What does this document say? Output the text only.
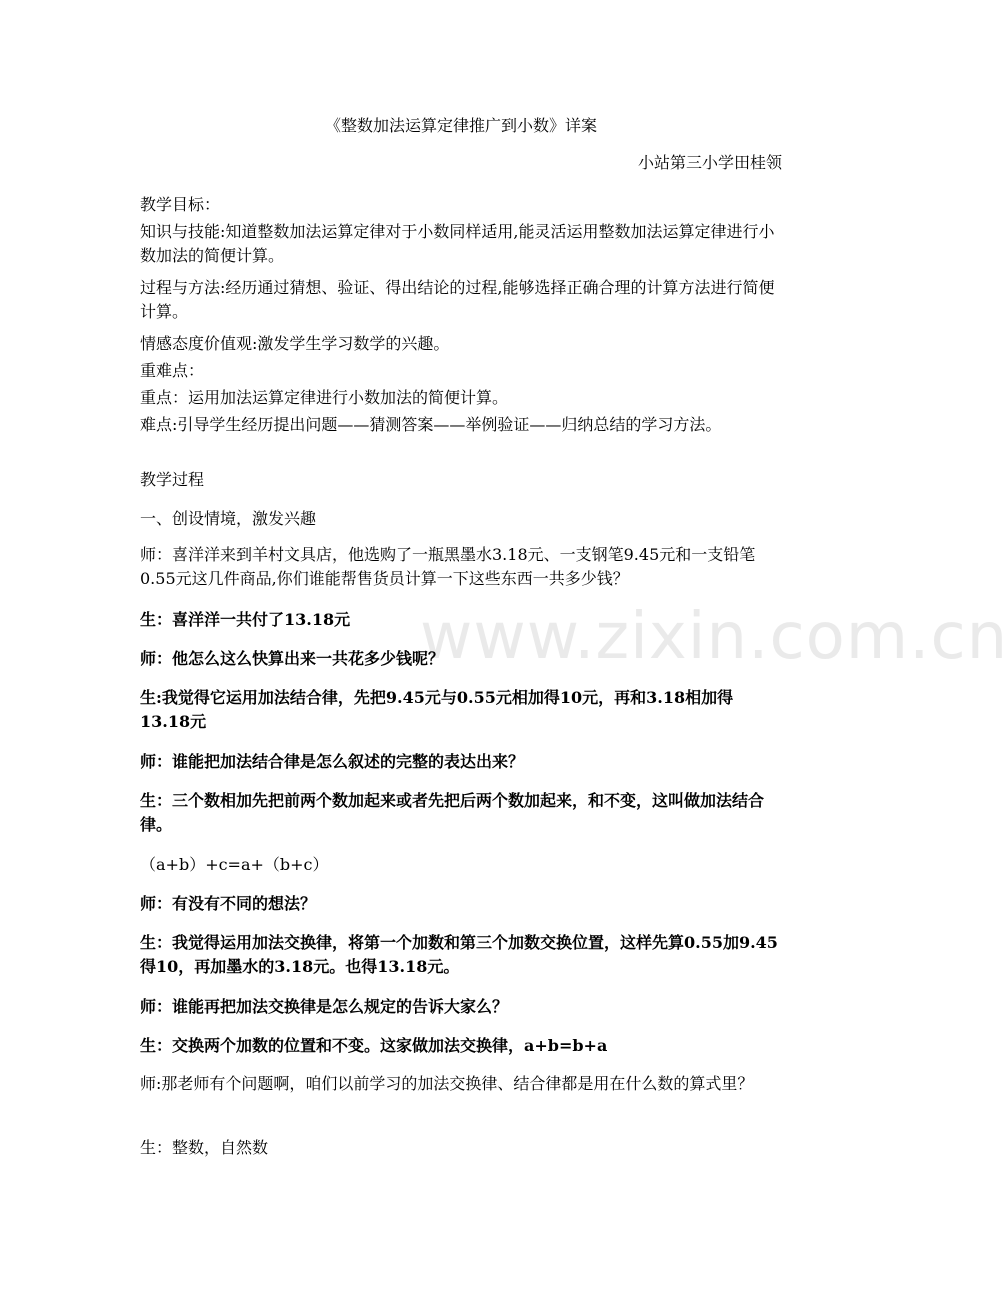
www.zixin.com.cn
《整数加法运算定律推广到小数》详案
小站第三小学田桂领
教学目标：
知识与技能:知道整数加法运算定律对于小数同样适用,能灵活运用整数加法运算定律进行小数加法的简便计算。
过程与方法:经历通过猜想、验证、得出结论的过程,能够选择正确合理的计算方法进行简便计算。
情感态度价值观:激发学生学习数学的兴趣。
重难点：
重点：运用加法运算定律进行小数加法的简便计算。
难点:引导学生经历提出问题——猜测答案——举例验证——归纳总结的学习方法。
教学过程
一、创设情境，激发兴趣
师：喜洋洋来到羊村文具店，他选购了一瓶黑墨水3.18元、一支钢笔9.45元和一支铅笔0.55元这几件商品,你们谁能帮售货员计算一下这些东西一共多少钱？
生：喜洋洋一共付了13.18元
师：他怎么这么快算出来一共花多少钱呢？
生:我觉得它运用加法结合律，先把9.45元与0.55元相加得10元，再和3.18相加得13.18元
师：谁能把加法结合律是怎么叙述的完整的表达出来？
生：三个数相加先把前两个数加起来或者先把后两个数加起来，和不变，这叫做加法结合律。
（a+b）+c=a+（b+c）
师：有没有不同的想法？
生：我觉得运用加法交换律，将第一个加数和第三个加数交换位置，这样先算0.55加9.45得10，再加墨水的3.18元。也得13.18元。
师：谁能再把加法交换律是怎么规定的告诉大家么？
生：交换两个加数的位置和不变。这家做加法交换律，a+b=b+a
师:那老师有个问题啊，咱们以前学习的加法交换律、结合律都是用在什么数的算式里？
生：整数，自然数
